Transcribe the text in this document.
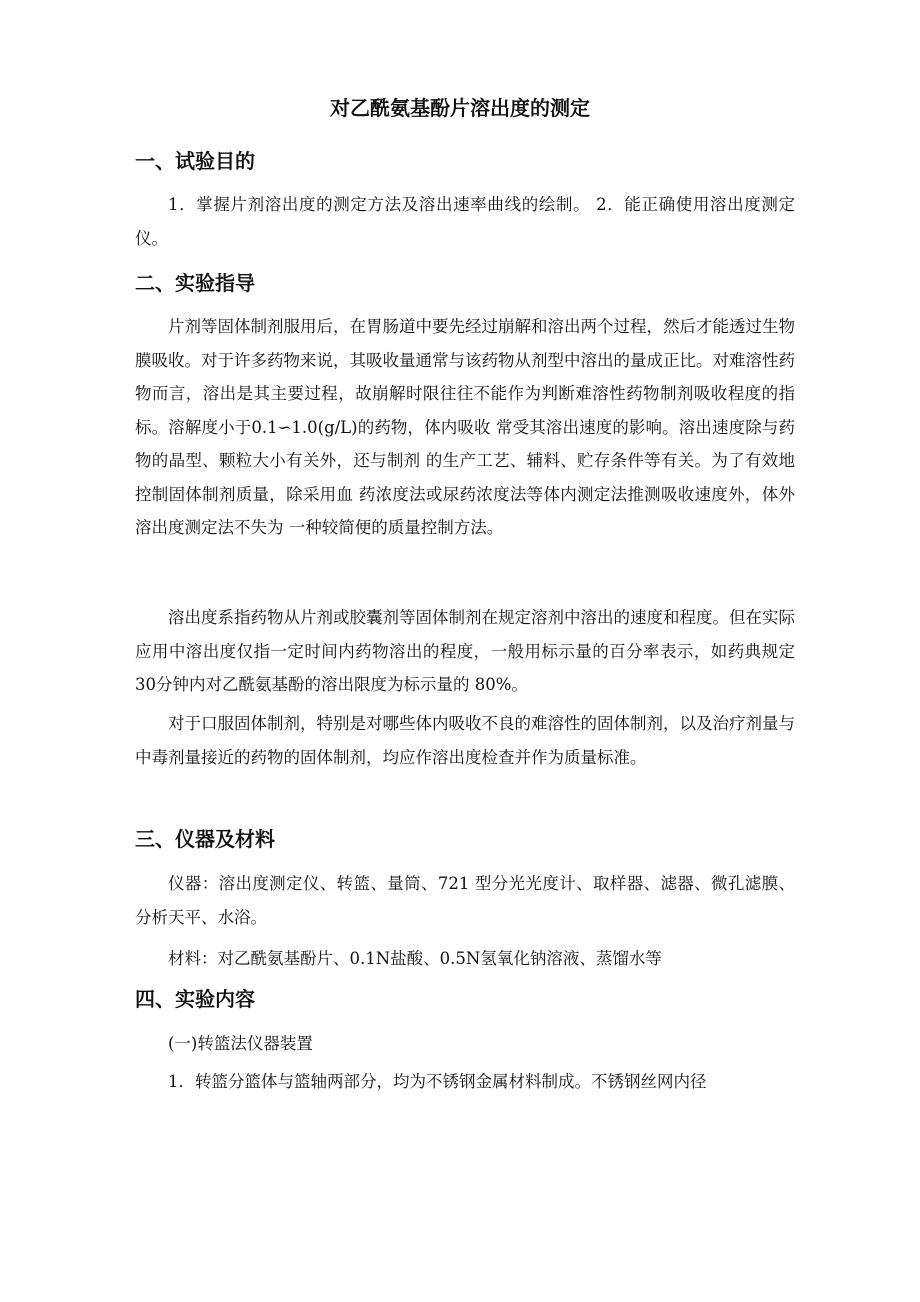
对乙酰氨基酚片溶出度的测定
一、试验目的

1．掌握片剂溶出度的测定方法及溶出速率曲线的绘制。 2．能正确使用溶出度测定仪。

二、实验指导

片剂等固体制剂服用后，在胃肠道中要先经过崩解和溶出两个过程，然后才能透过生物膜吸收。对于许多药物来说，其吸收量通常与该药物从剂型中溶出的量成正比。对难溶性药物而言，溶出是其主要过程，故崩解时限往往不能作为判断难溶性药物制剂吸收程度的指标。溶解度小于0.1∽1.0(g/L)的药物，体内吸收 常受其溶出速度的影响。溶出速度除与药物的晶型、颗粒大小有关外，还与制剂 的生产工艺、辅料、贮存条件等有关。为了有效地控制固体制剂质量，除采用血 药浓度法或尿药浓度法等体内测定法推测吸收速度外，体外溶出度测定法不失为 一种较简便的质量控制方法。

溶出度系指药物从片剂或胶囊剂等固体制剂在规定溶剂中溶出的速度和程度。但在实际应用中溶出度仅指一定时间内药物溶出的程度，一般用标示量的百分率表示，如药典规定30分钟内对乙酰氨基酚的溶出限度为标示量的 80%。

对于口服固体制剂，特别是对哪些体内吸收不良的难溶性的固体制剂，以及治疗剂量与中毒剂量接近的药物的固体制剂，均应作溶出度检查并作为质量标准。

三、仪器及材料

仪器：溶出度测定仪、转篮、量筒、721 型分光光度计、取样器、滤器、微孔滤膜、分析天平、水浴。

材料：对乙酰氨基酚片、0.1N盐酸、0.5N氢氧化钠溶液、蒸馏水等

四、实验内容

(一)转篮法仪器装置

1．转篮分篮体与篮轴两部分，均为不锈钢金属材料制成。不锈钢丝网内径
